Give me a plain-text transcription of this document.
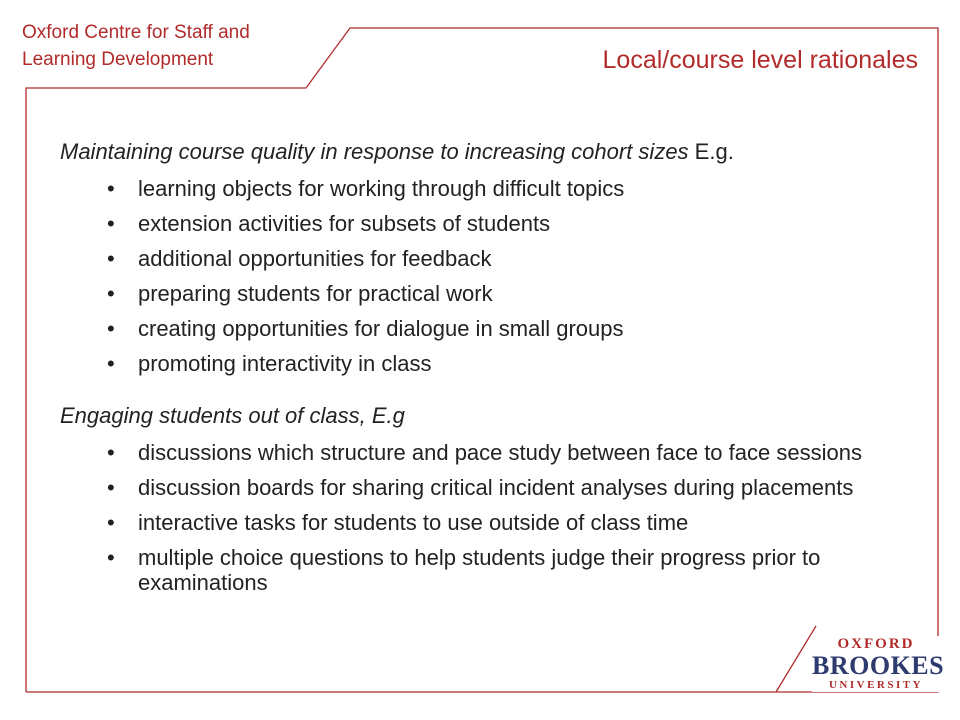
Oxford Centre for Staff and
Learning Development	Local/course level rationales

Maintaining course quality in response to increasing cohort sizes E.g.

• learning objects for working through difficult topics
• extension activities for subsets of students
• additional opportunities for feedback
• preparing students for practical work
• creating opportunities for dialogue in small groups
• promoting interactivity in class

Engaging students out of class, E.g

• discussions which structure and pace study between face to face sessions
• discussion boards for sharing critical incident analyses during placements
• interactive tasks for students to use outside of class time
• multiple choice questions to help students judge their progress prior to examinations
OXFORD
BROOKES
UNIVERSITY
